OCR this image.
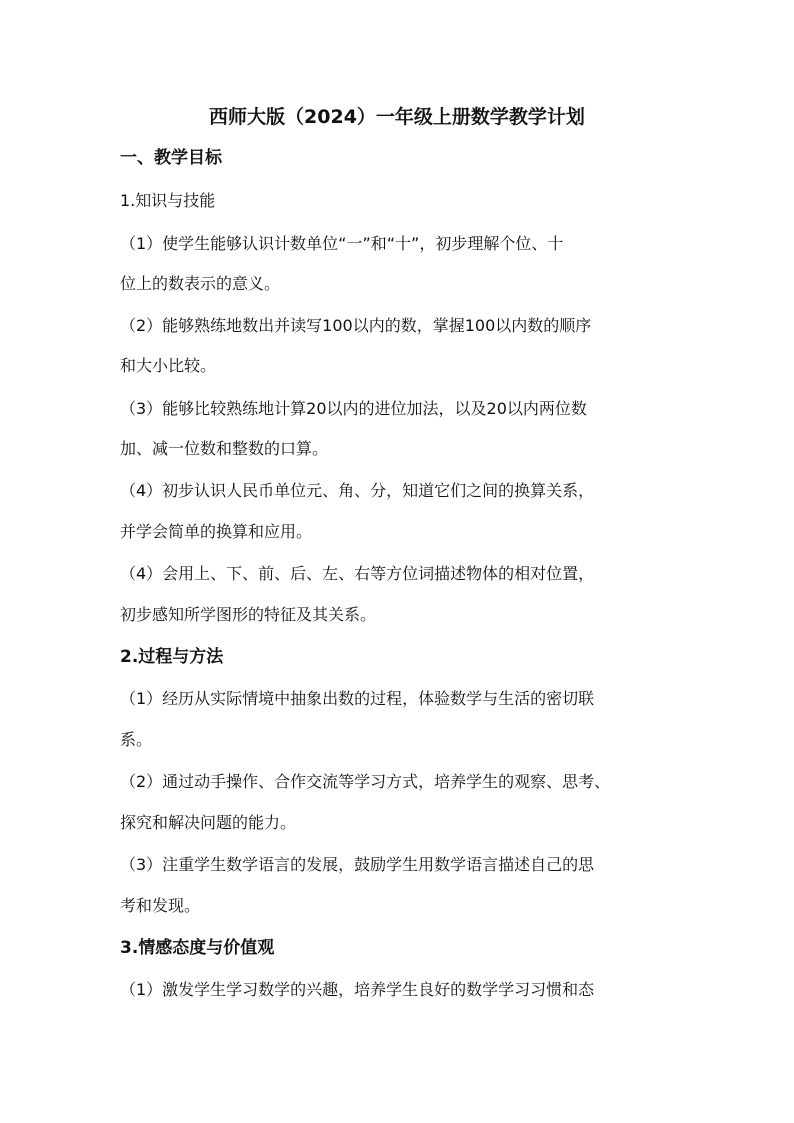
西师大版（2024）一年级上册数学教学计划
一、教学目标
1.知识与技能
（1）使学生能够认识计数单位“一”和“十”，初步理解个位、十
位上的数表示的意义。
（2）能够熟练地数出并读写100以内的数，掌握100以内数的顺序
和大小比较。
（3）能够比较熟练地计算20以内的进位加法，以及20以内两位数
加、减一位数和整数的口算。
（4）初步认识人民币单位元、角、分，知道它们之间的换算关系，
并学会简单的换算和应用。
（4）会用上、下、前、后、左、右等方位词描述物体的相对位置，
初步感知所学图形的特征及其关系。
2.过程与方法
（1）经历从实际情境中抽象出数的过程，体验数学与生活的密切联
系。
（2）通过动手操作、合作交流等学习方式，培养学生的观察、思考、
探究和解决问题的能力。
（3）注重学生数学语言的发展，鼓励学生用数学语言描述自己的思
考和发现。
3.情感态度与价值观
（1）激发学生学习数学的兴趣，培养学生良好的数学学习习惯和态
